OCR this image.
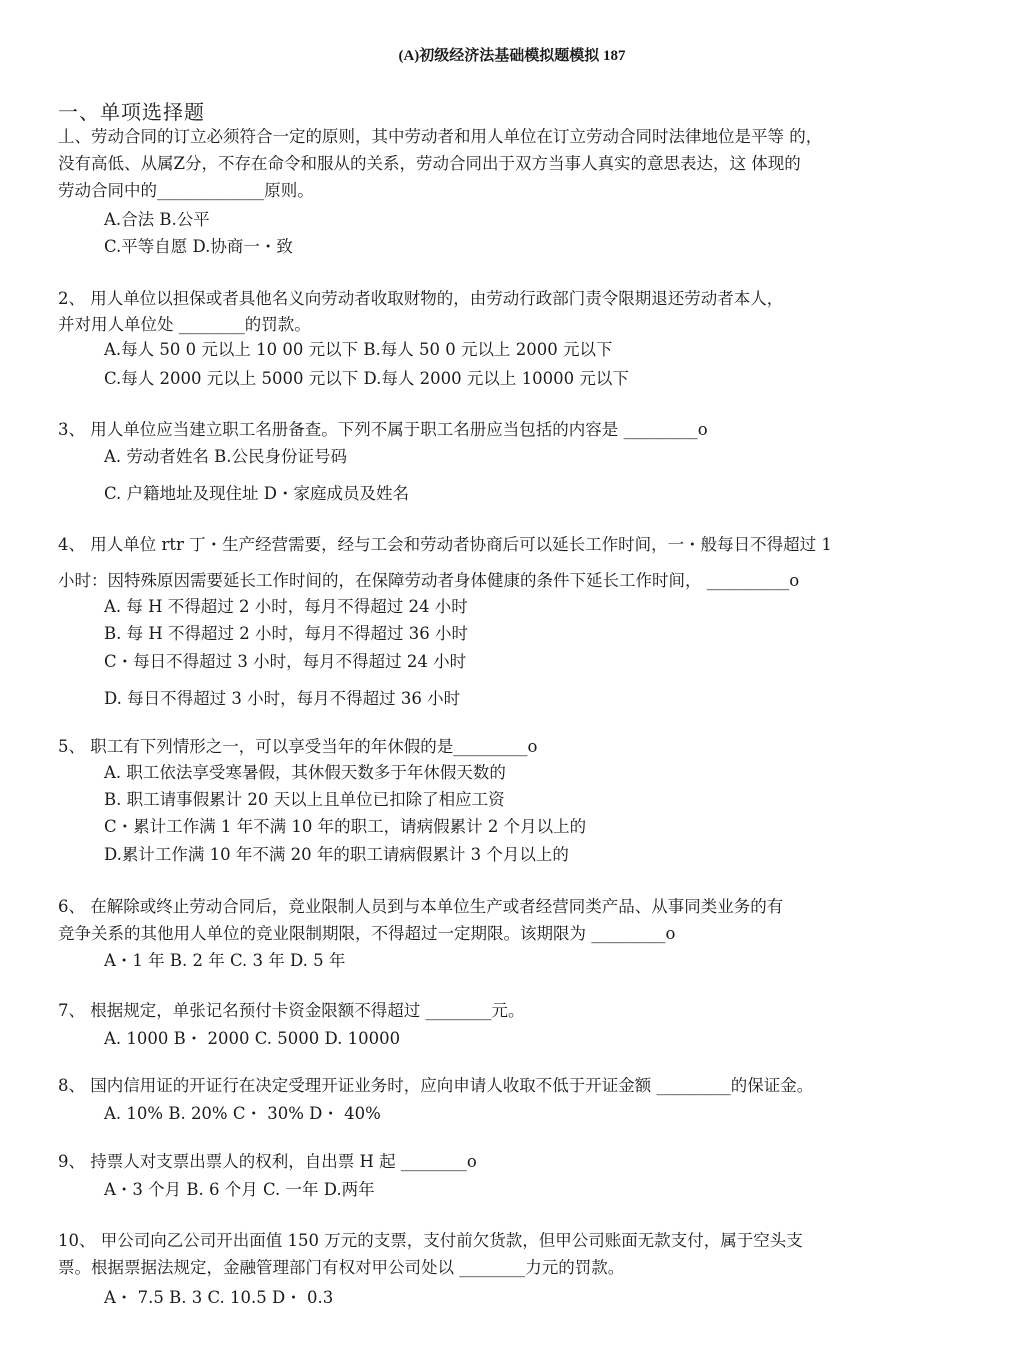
(A)初级经济法基础模拟题模拟 187
一、单项选择题
丄、劳动合同的订立必须符合一定的原则，其中劳动者和用人单位在订立劳动合同时法律地位是平等 的，
没有高低、从属Z分，不存在命令和服从的关系，劳动合同出于双方当事人真实的意思表达，这 体现的
劳动合同中的_____________原则。
A.合法 B.公平
C.平等自愿 D.协商一・致
2、 用人单位以担保或者具他名义向劳动者收取财物的，由劳动行政部门责令限期退还劳动者本人，
并对用人单位处 ________的罚款。
A.每人 50 0 元以上 10 00 元以下 B.每人 50 0 元以上 2000 元以下
C.每人 2000 元以上 5000 元以下 D.每人 2000 元以上 10000 元以下
3、 用人单位应当建立职工名册备查。下列不属于职工名册应当包括的内容是 _________o
A. 劳动者姓名 B.公民身份证号码
C. 户籍地址及现住址 D・家庭成员及姓名
4、 用人单位 rtr 丁・生产经营需要，经与工会和劳动者协商后可以延长工作时间，一・般每日不得超过 1
小时：因特殊原因需要延长工作时间的，在保障劳动者身体健康的条件下延长工作时间， __________o
A. 每 H 不得超过 2 小时，每月不得超过 24 小时
B. 每 H 不得超过 2 小时，每月不得超过 36 小时
C・每日不得超过 3 小时，每月不得超过 24 小时
D. 每日不得超过 3 小时，每月不得超过 36 小时
5、 职工有下列情形之一，可以享受当年的年休假的是_________o
A. 职工依法享受寒暑假，其休假天数多于年休假天数的
B. 职工请事假累计 20 天以上且单位已扣除了相应工资
C・累计工作满 1 年不满 10 年的职工，请病假累计 2 个月以上的
D.累计工作满 10 年不满 20 年的职工请病假累计 3 个月以上的
6、 在解除或终止劳动合同后，竞业限制人员到与本单位生产或者经营同类产品、从事同类业务的有
竞争关系的其他用人单位的竞业限制期限，不得超过一定期限。该期限为 _________o
A・1 年 B. 2 年 C. 3 年 D. 5 年
7、 根据规定，单张记名预付卡资金限额不得超过 ________元。
A. 1000 B・ 2000 C. 5000 D. 10000
8、 国内信用证的开证行在决定受理开证业务时，应向申请人收取不低于开证金额 _________的保证金。
A. 10% B. 20% C・ 30% D・ 40%
9、 持票人对支票出票人的权利，自出票 H 起 ________o
A・3 个月 B. 6 个月 C. 一年 D.两年
10、 甲公司向乙公司开出面值 150 万元的支票，支付前欠货款，但甲公司账面无款支付，属于空头支
票。根据票据法规定，金融管理部门有权对甲公司处以 ________力元的罚款。
A・ 7.5 B. 3 C. 10.5 D・ 0.3
